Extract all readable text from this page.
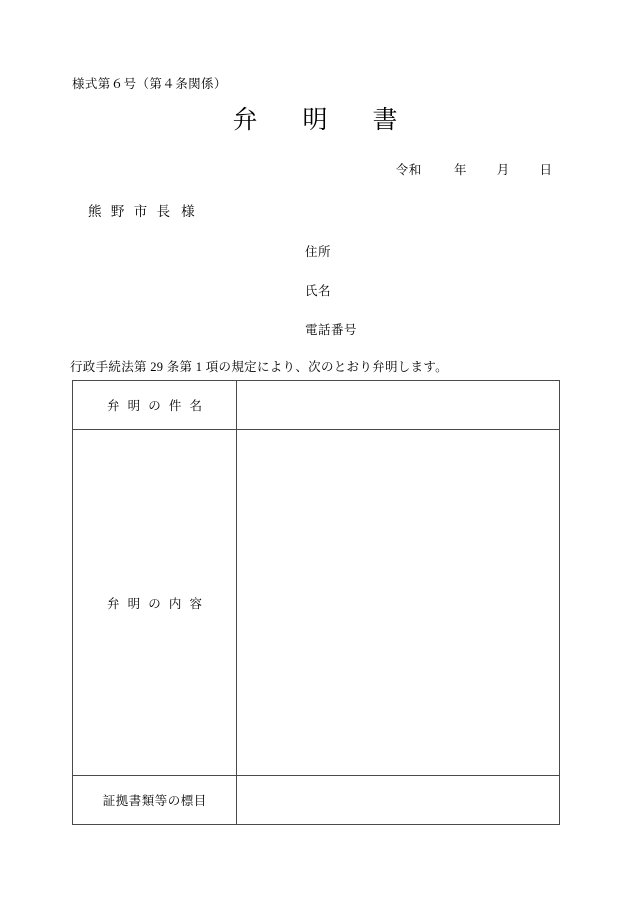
様式第６号（第４条関係）
弁　明　書
令和	年 月 日
熊 野 市 長 様
住所
氏名
電話番号
行政手続法第 29 条第 1 項の規定により、次のとおり弁明します。
弁 明 の 件 名	
弁 明 の 内 容	
証拠書類等の標目	
